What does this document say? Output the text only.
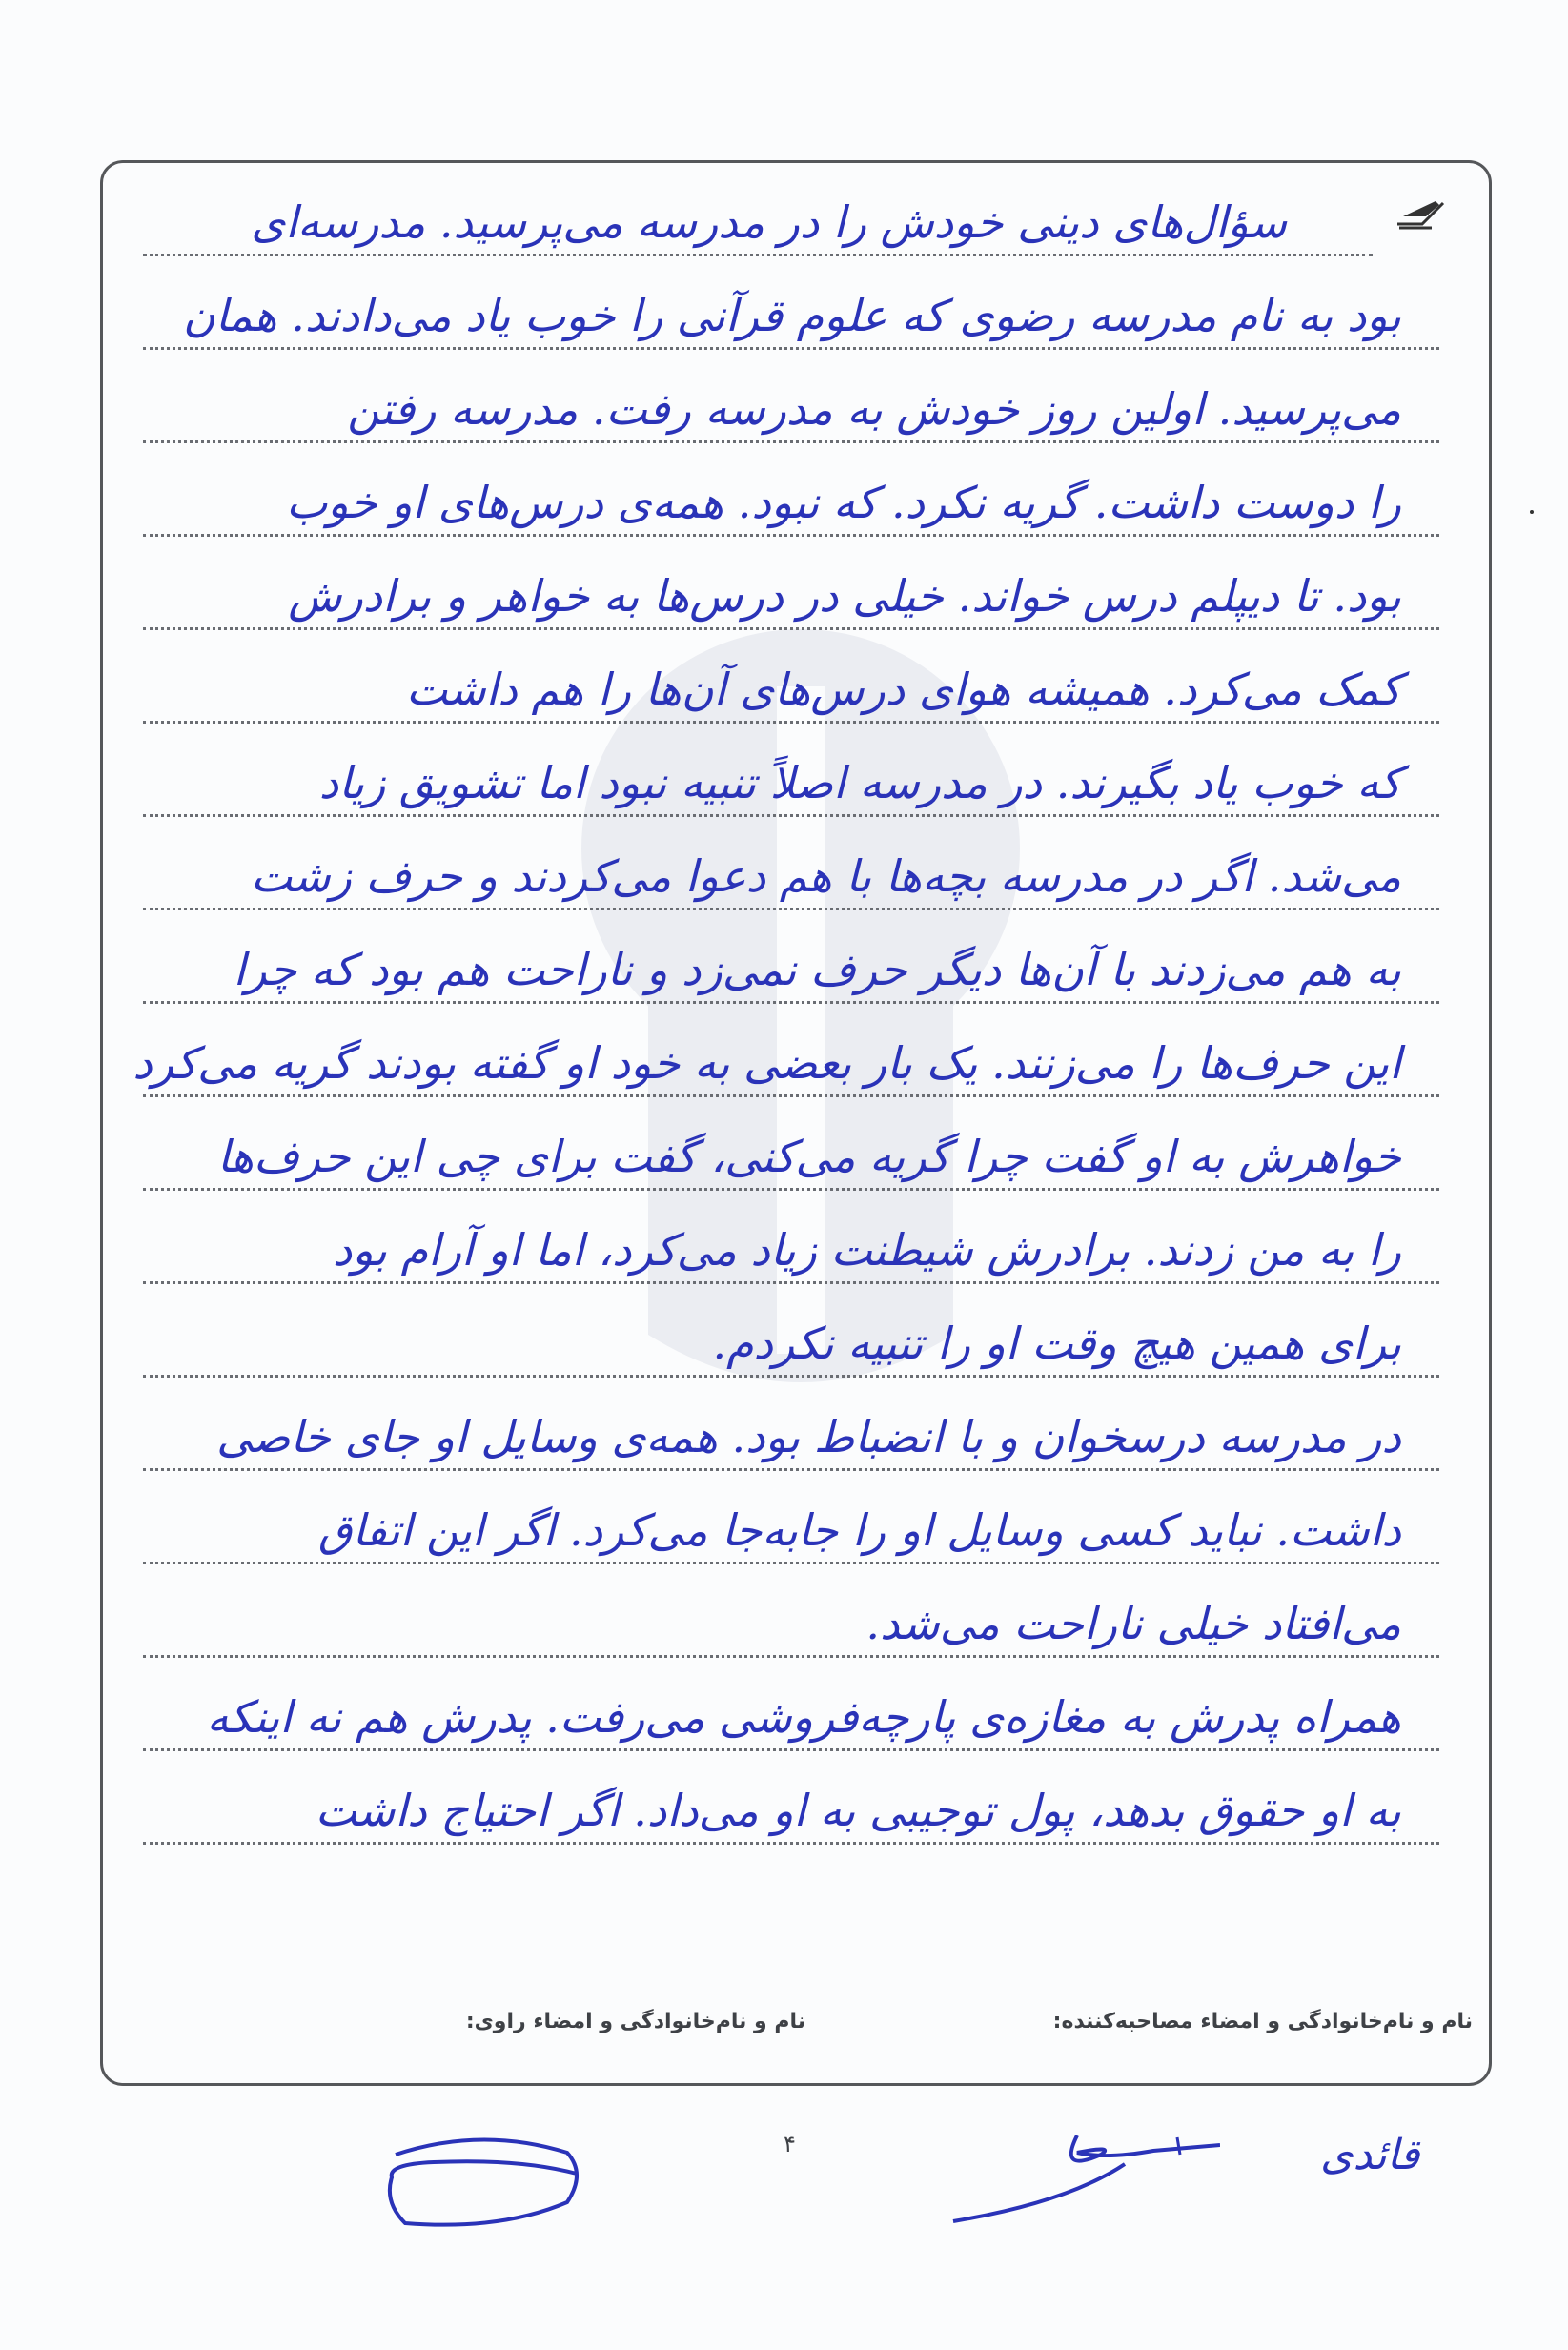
سؤال‌های دینی خودش را در مدرسه می‌پرسید. مدرسه‌ای
بود به نام مدرسه رضوی که علوم قرآنی را خوب یاد می‌دادند. همان
می‌پرسید. اولین روز خودش به مدرسه رفت. مدرسه رفتن
را دوست داشت. گریه نکرد. که نبود. همه‌ی درس‌های او خوب
بود. تا دیپلم درس خواند. خیلی در درس‌ها به خواهر و برادرش
کمک می‌کرد. همیشه هوای درس‌های آن‌ها را هم داشت
که خوب یاد بگیرند. در مدرسه اصلاً تنبیه نبود اما تشویق زیاد
می‌شد. اگر در مدرسه بچه‌ها با هم دعوا می‌کردند و حرف زشت
به هم می‌زدند با آن‌ها دیگر حرف نمی‌زد و ناراحت هم بود که چرا
این حرف‌ها را می‌زنند. یک بار بعضی به خود او گفته بودند گریه می‌کرد
خواهرش به او گفت چرا گریه می‌کنی، گفت برای چی این حرف‌ها
را به من زدند. برادرش شیطنت زیاد می‌کرد، اما او آرام بود
برای همین هیچ وقت او را تنبیه نکردم.
در مدرسه درسخوان و با انضباط بود. همه‌ی وسایل او جای خاصی
داشت. نباید کسی وسایل او را جابه‌جا می‌کرد. اگر این اتفاق
می‌افتاد خیلی ناراحت می‌شد.
همراه پدرش به مغازه‌ی پارچه‌فروشی می‌رفت. پدرش هم نه اینکه
به او حقوق بدهد، پول توجیبی به او می‌داد. اگر احتیاج داشت
نام و نام‌خانوادگی و امضاء مصاحبه‌کننده:
نام و نام‌خانوادگی و امضاء راوی:
۴	قائدی
